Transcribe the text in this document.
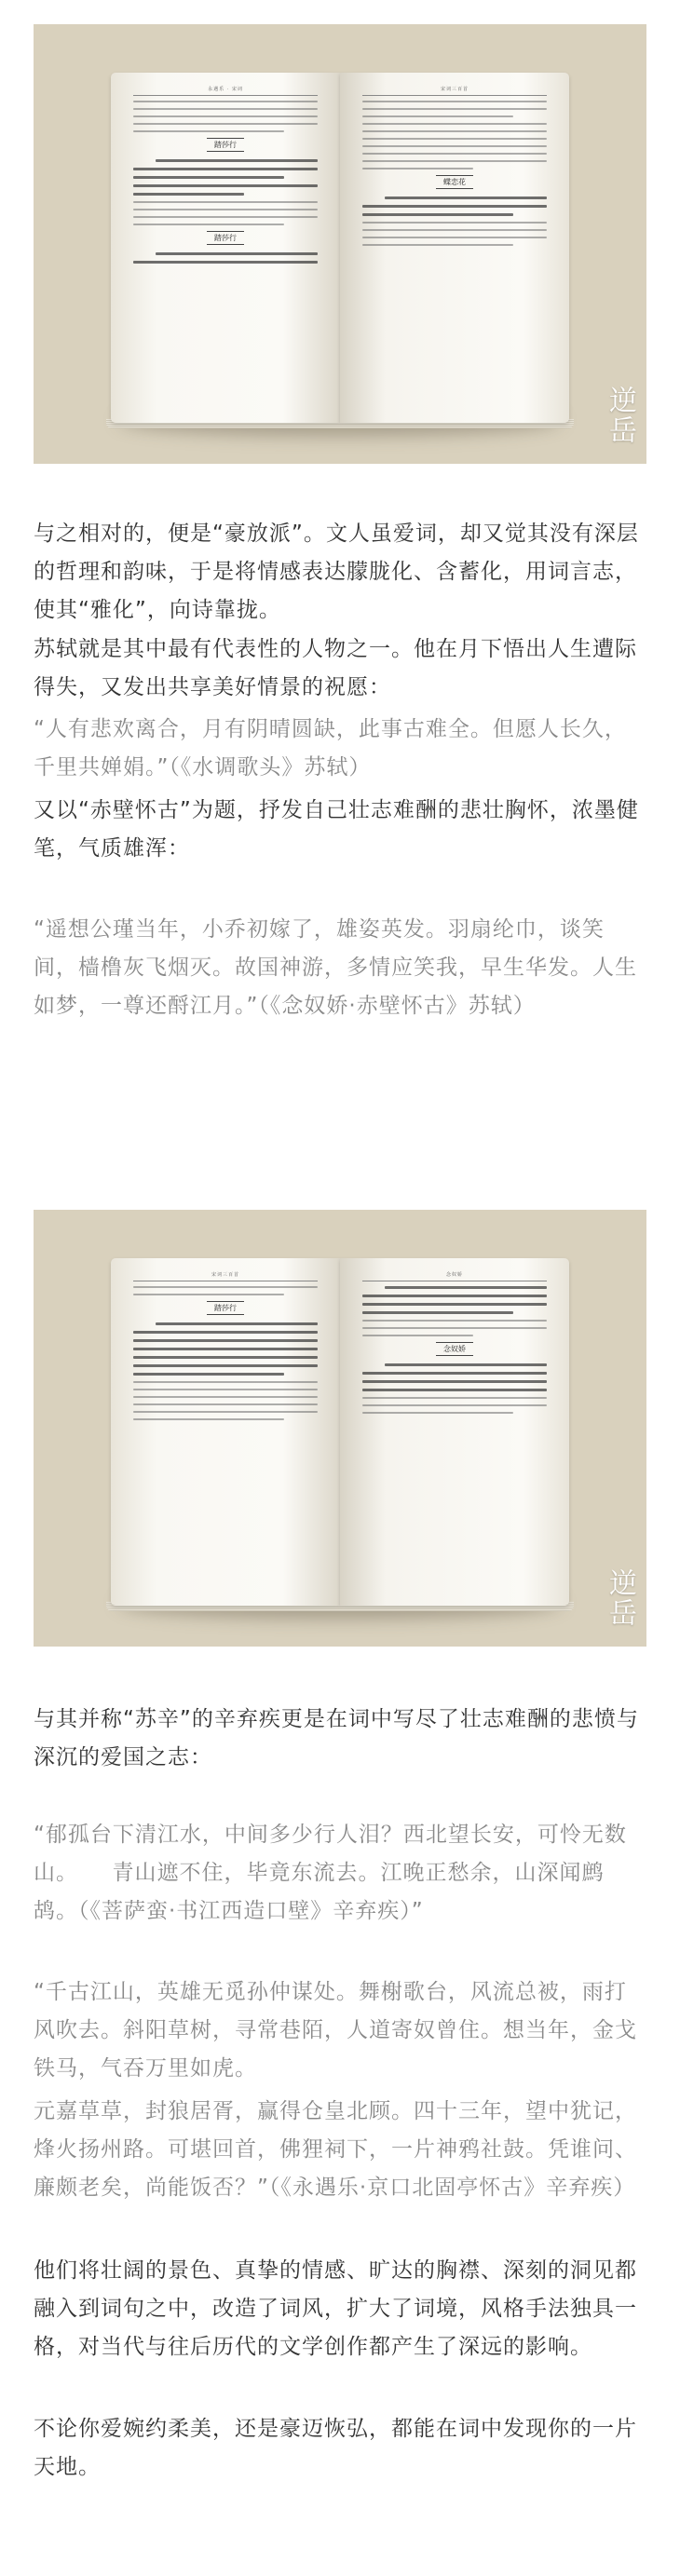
永遇乐 · 宋词
踏莎行
踏莎行
宋词三百首
蝶恋花
逆岳

与之相对的，便是“豪放派”。文人虽爱词，却又觉其没有深层的哲理和韵味，于是将情感表达朦胧化、含蓄化，用词言志，使其“雅化”，向诗靠拢。

苏轼就是其中最有代表性的人物之一。他在月下悟出人生遭际得失，又发出共享美好情景的祝愿：

“人有悲欢离合，月有阴晴圆缺，此事古难全。但愿人长久，千里共婵娟。”（《水调歌头》苏轼）

又以“赤壁怀古”为题，抒发自己壮志难酬的悲壮胸怀，浓墨健笔，气质雄浑：

“遥想公瑾当年，小乔初嫁了，雄姿英发。羽扇纶巾，谈笑间，樯橹灰飞烟灭。故国神游，多情应笑我，早生华发。人生如梦，一尊还酹江月。”（《念奴娇·赤壁怀古》苏轼）

宋词三百首
踏莎行
念奴娇
念奴娇
逆岳

与其并称“苏辛”的辛弃疾更是在词中写尽了壮志难酬的悲愤与深沉的爱国之志：

“郁孤台下清江水，中间多少行人泪？西北望长安，可怜无数山。　　青山遮不住，毕竟东流去。江晚正愁余，山深闻鹧鸪。（《菩萨蛮·书江西造口壁》辛弃疾）”

“千古江山，英雄无觅孙仲谋处。舞榭歌台，风流总被，雨打风吹去。斜阳草树，寻常巷陌，人道寄奴曾住。想当年，金戈铁马，气吞万里如虎。

元嘉草草，封狼居胥，赢得仓皇北顾。四十三年，望中犹记，烽火扬州路。可堪回首，佛狸祠下，一片神鸦社鼓。凭谁问、廉颇老矣，尚能饭否？”（《永遇乐·京口北固亭怀古》辛弃疾）

他们将壮阔的景色、真挚的情感、旷达的胸襟、深刻的洞见都融入到词句之中，改造了词风，扩大了词境，风格手法独具一格，对当代与往后历代的文学创作都产生了深远的影响。

不论你爱婉约柔美，还是豪迈恢弘，都能在词中发现你的一片天地。
